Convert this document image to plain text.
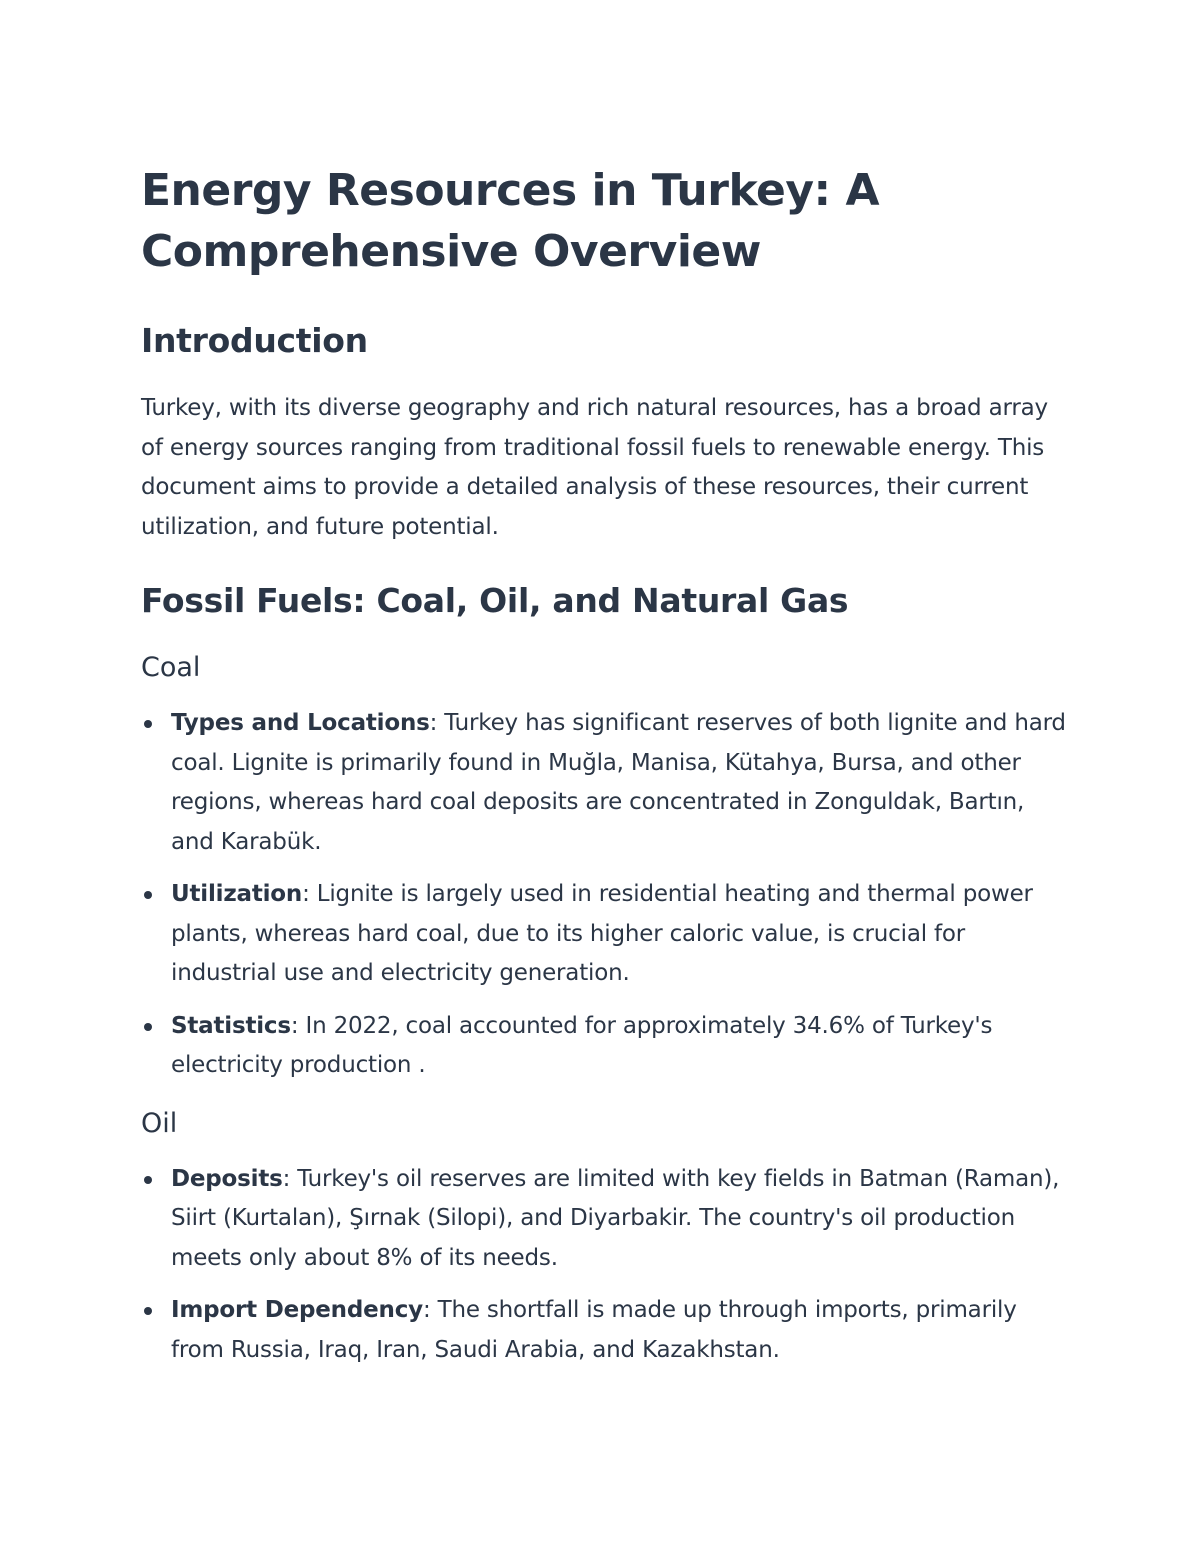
Energy Resources in Turkey: A Comprehensive Overview
Introduction

Turkey, with its diverse geography and rich natural resources, has a broad array of energy sources ranging from traditional fossil fuels to renewable energy. This document aims to provide a detailed analysis of these resources, their current utilization, and future potential.

Fossil Fuels: Coal, Oil, and Natural Gas
Coal
Types and Locations: Turkey has significant reserves of both lignite and hard coal. Lignite is primarily found in Muğla, Manisa, Kütahya, Bursa, and other regions, whereas hard coal deposits are concentrated in Zonguldak, Bartın, and Karabük.
Utilization: Lignite is largely used in residential heating and thermal power plants, whereas hard coal, due to its higher caloric value, is crucial for industrial use and electricity generation.
Statistics: In 2022, coal accounted for approximately 34.6% of Turkey's electricity production .
Oil
Deposits: Turkey's oil reserves are limited with key fields in Batman (Raman), Siirt (Kurtalan), Şırnak (Silopi), and Diyarbakir. The country's oil production meets only about 8% of its needs.
Import Dependency: The shortfall is made up through imports, primarily from Russia, Iraq, Iran, Saudi Arabia, and Kazakhstan.
